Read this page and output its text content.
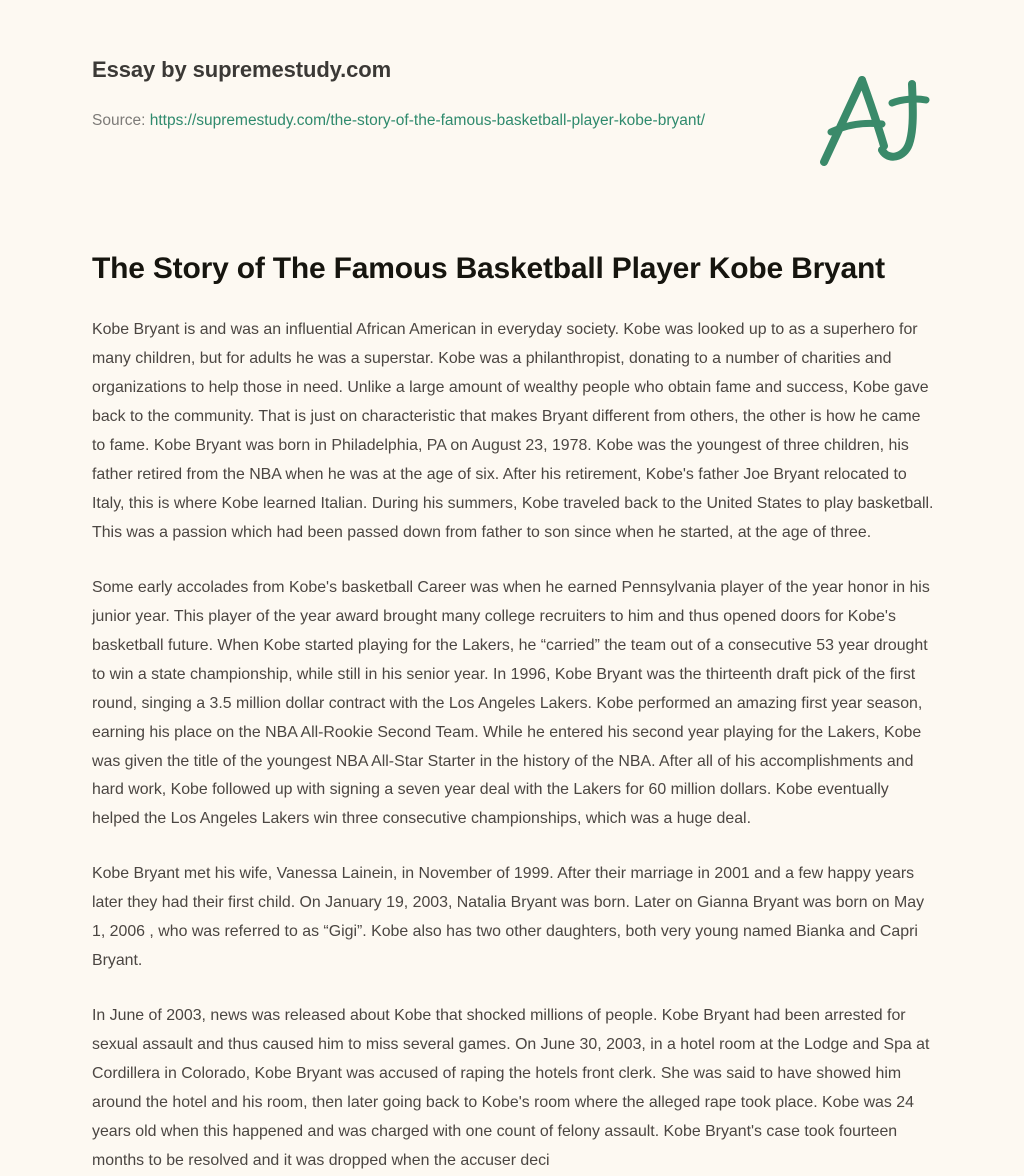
Essay by supremestudy.com
Source: https://supremestudy.com/the-story-of-the-famous-basketball-player-kobe-bryant/
The Story of The Famous Basketball Player Kobe Bryant

Kobe Bryant is and was an influential African American in everyday society. Kobe was looked up to as a superhero for many children, but for adults he was a superstar. Kobe was a philanthropist, donating to a number of charities and organizations to help those in need. Unlike a large amount of wealthy people who obtain fame and success, Kobe gave back to the community. That is just on characteristic that makes Bryant different from others, the other is how he came to fame. Kobe Bryant was born in Philadelphia, PA on August 23, 1978. Kobe was the youngest of three children, his father retired from the NBA when he was at the age of six. After his retirement, Kobe's father Joe Bryant relocated to Italy, this is where Kobe learned Italian. During his summers, Kobe traveled back to the United States to play basketball. This was a passion which had been passed down from father to son since when he started, at the age of three.

Some early accolades from Kobe's basketball Career was when he earned Pennsylvania player of the year honor in his junior year. This player of the year award brought many college recruiters to him and thus opened doors for Kobe's basketball future. When Kobe started playing for the Lakers, he “carried” the team out of a consecutive 53 year drought to win a state championship, while still in his senior year. In 1996, Kobe Bryant was the thirteenth draft pick of the first round, singing a 3.5 million dollar contract with the Los Angeles Lakers. Kobe performed an amazing first year season, earning his place on the NBA All-Rookie Second Team. While he entered his second year playing for the Lakers, Kobe was given the title of the youngest NBA All-Star Starter in the history of the NBA. After all of his accomplishments and hard work, Kobe followed up with signing a seven year deal with the Lakers for 60 million dollars. Kobe eventually helped the Los Angeles Lakers win three consecutive championships, which was a huge deal.

Kobe Bryant met his wife, Vanessa Lainein, in November of 1999. After their marriage in 2001 and a few happy years later they had their first child. On January 19, 2003, Natalia Bryant was born. Later on Gianna Bryant was born on May 1, 2006 , who was referred to as “Gigi”. Kobe also has two other daughters, both very young named Bianka and Capri Bryant.

In June of 2003, news was released about Kobe that shocked millions of people. Kobe Bryant had been arrested for sexual assault and thus caused him to miss several games. On June 30, 2003, in a hotel room at the Lodge and Spa at Cordillera in Colorado, Kobe Bryant was accused of raping the hotels front clerk. She was said to have showed him around the hotel and his room, then later going back to Kobe's room where the alleged rape took place. Kobe was 24 years old when this happened and was charged with one count of felony assault. Kobe Bryant's case took fourteen months to be resolved and it was dropped when the accuser deci
